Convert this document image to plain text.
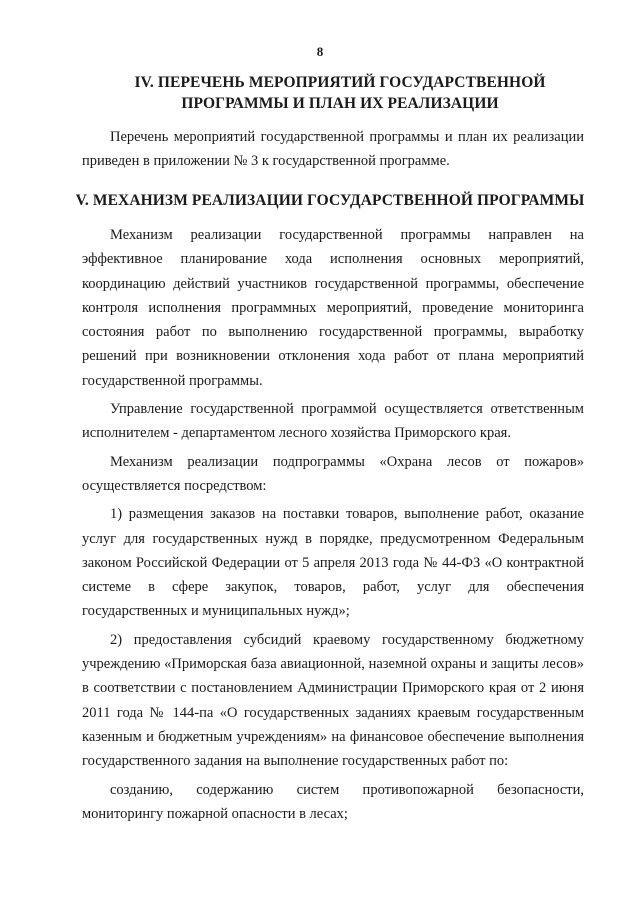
8
IV. ПЕРЕЧЕНЬ МЕРОПРИЯТИЙ ГОСУДАРСТВЕННОЙ
ПРОГРАММЫ И ПЛАН ИХ РЕАЛИЗАЦИИ

Перечень мероприятий государственной программы и план их реализации приведен в приложении № 3 к государственной программе.

V. МЕХАНИЗМ РЕАЛИЗАЦИИ ГОСУДАРСТВЕННОЙ ПРОГРАММЫ

Механизм реализации государственной программы направлен на эффективное планирование хода исполнения основных мероприятий, координацию действий участников государственной программы, обеспечение контроля исполнения программных мероприятий, проведение мониторинга состояния работ по выполнению государственной программы, выработку решений при возникновении отклонения хода работ от плана мероприятий государственной программы.

Управление государственной программой осуществляется ответственным исполнителем - департаментом лесного хозяйства Приморского края.

Механизм реализации подпрограммы «Охрана лесов от пожаров» осуществляется посредством:

1) размещения заказов на поставки товаров, выполнение работ, оказание услуг для государственных нужд в порядке, предусмотренном Федеральным законом Российской Федерации от 5 апреля 2013 года № 44-ФЗ «О контрактной системе в сфере закупок, товаров, работ, услуг для обеспечения государственных и муниципальных нужд»;

2) предоставления субсидий краевому государственному бюджетному учреждению «Приморская база авиационной, наземной охраны и защиты лесов» в соответствии с постановлением Администрации Приморского края от 2 июня 2011 года № 144-па «О государственных заданиях краевым государственным казенным и бюджетным учреждениям» на финансовое обеспечение выполнения государственного задания на выполнение государственных работ по:

созданию, содержанию систем противопожарной безопасности, мониторингу пожарной опасности в лесах;
